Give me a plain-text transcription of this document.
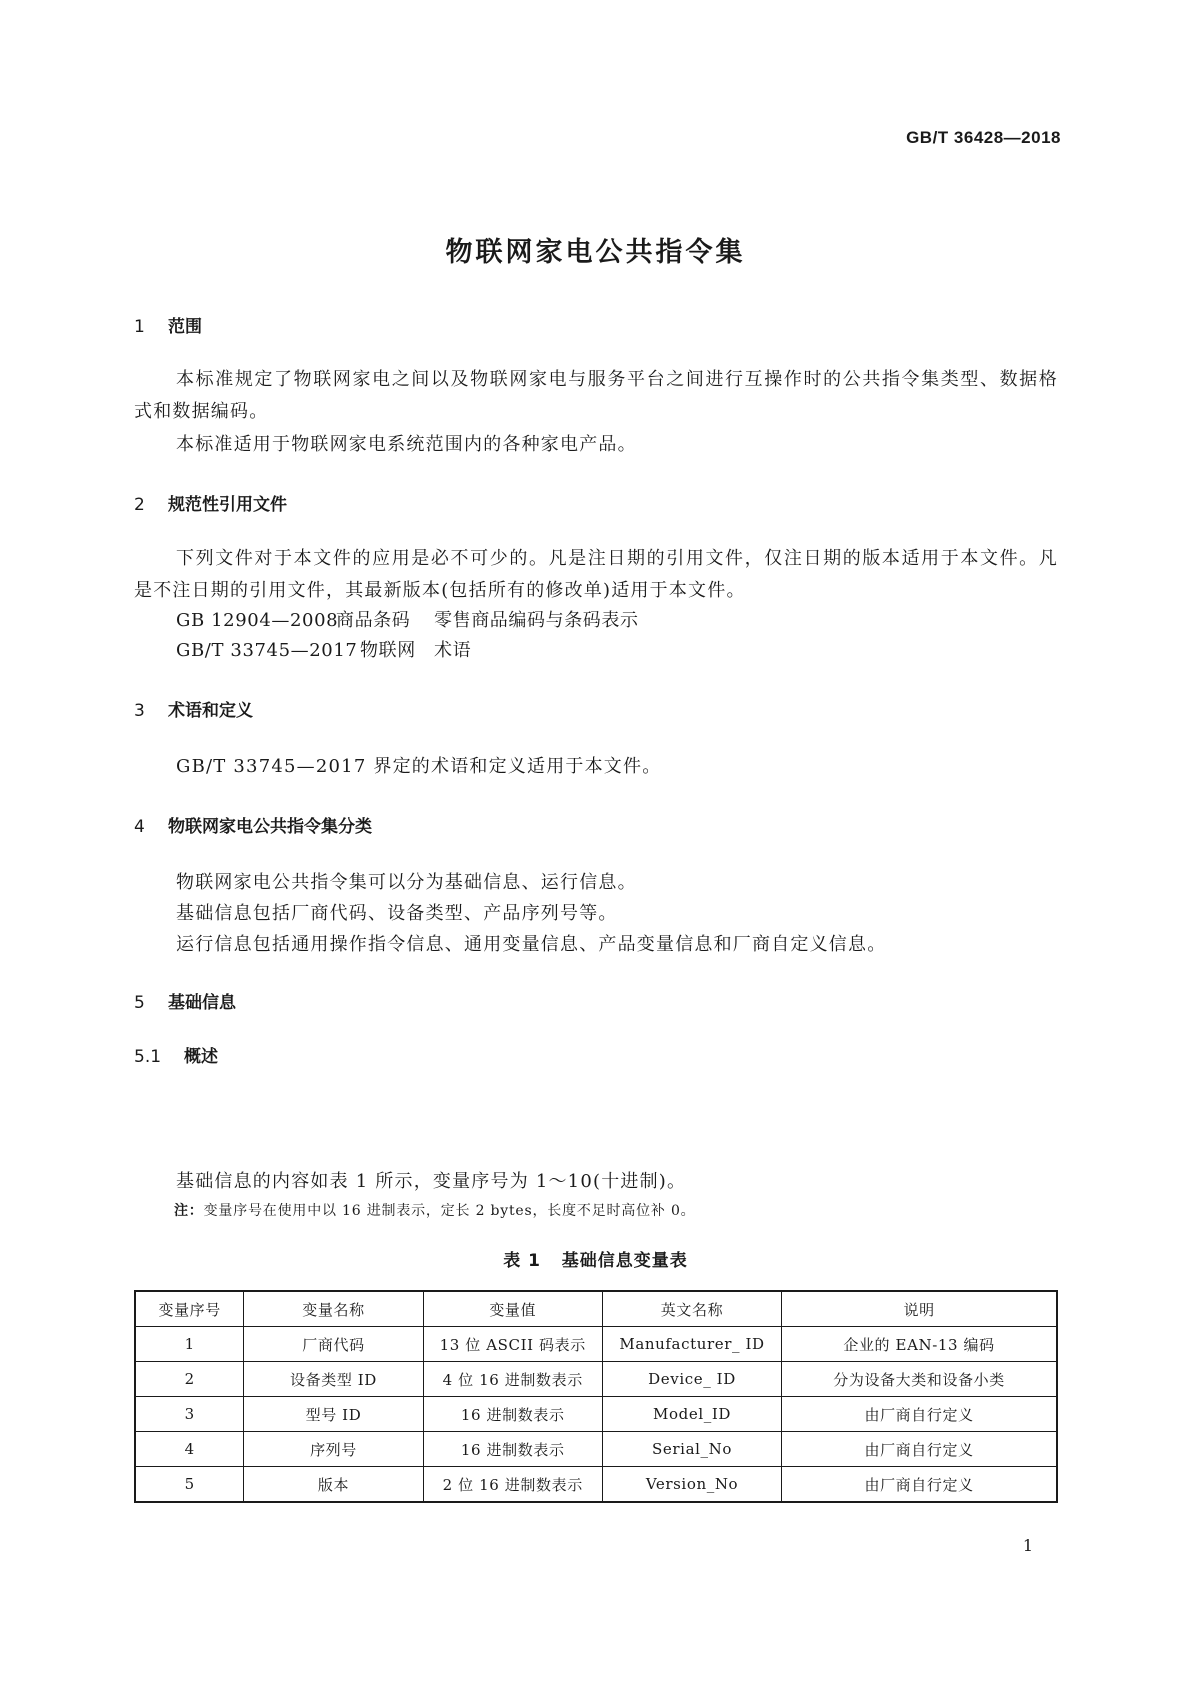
GB/T 36428—2018
物联网家电公共指令集
1 范围
本标准规定了物联网家电之间以及物联网家电与服务平台之间进行互操作时的公共指令集类型、数据格式和数据编码。
本标准适用于物联网家电系统范围内的各种家电产品。
2 规范性引用文件
下列文件对于本文件的应用是必不可少的。凡是注日期的引用文件，仅注日期的版本适用于本文件。凡是不注日期的引用文件，其最新版本(包括所有的修改单)适用于本文件。
GB 12904—2008商品条码 零售商品编码与条码表示
GB/T 33745—2017 物联网 术语
3 术语和定义
GB/T 33745—2017 界定的术语和定义适用于本文件。
4 物联网家电公共指令集分类
物联网家电公共指令集可以分为基础信息、运行信息。
基础信息包括厂商代码、设备类型、产品序列号等。
运行信息包括通用操作指令信息、通用变量信息、产品变量信息和厂商自定义信息。
5 基础信息
5.1 概述
基础信息的内容如表 1 所示，变量序号为 1～10(十进制)。
注：变量序号在使用中以 16 进制表示，定长 2 bytes，长度不足时高位补 0。
表 1 基础信息变量表
变量序号	变量名称	变量值	英文名称	说明
1	厂商代码	13 位 ASCII 码表示	Manufacturer_ ID	企业的 EAN-13 编码
2	设备类型 ID	4 位 16 进制数表示	Device_ ID	分为设备大类和设备小类
3	型号 ID	16 进制数表示	Model_ID	由厂商自行定义
4	序列号	16 进制数表示	Serial_No	由厂商自行定义
5	版本	2 位 16 进制数表示	Version_No	由厂商自行定义
1
